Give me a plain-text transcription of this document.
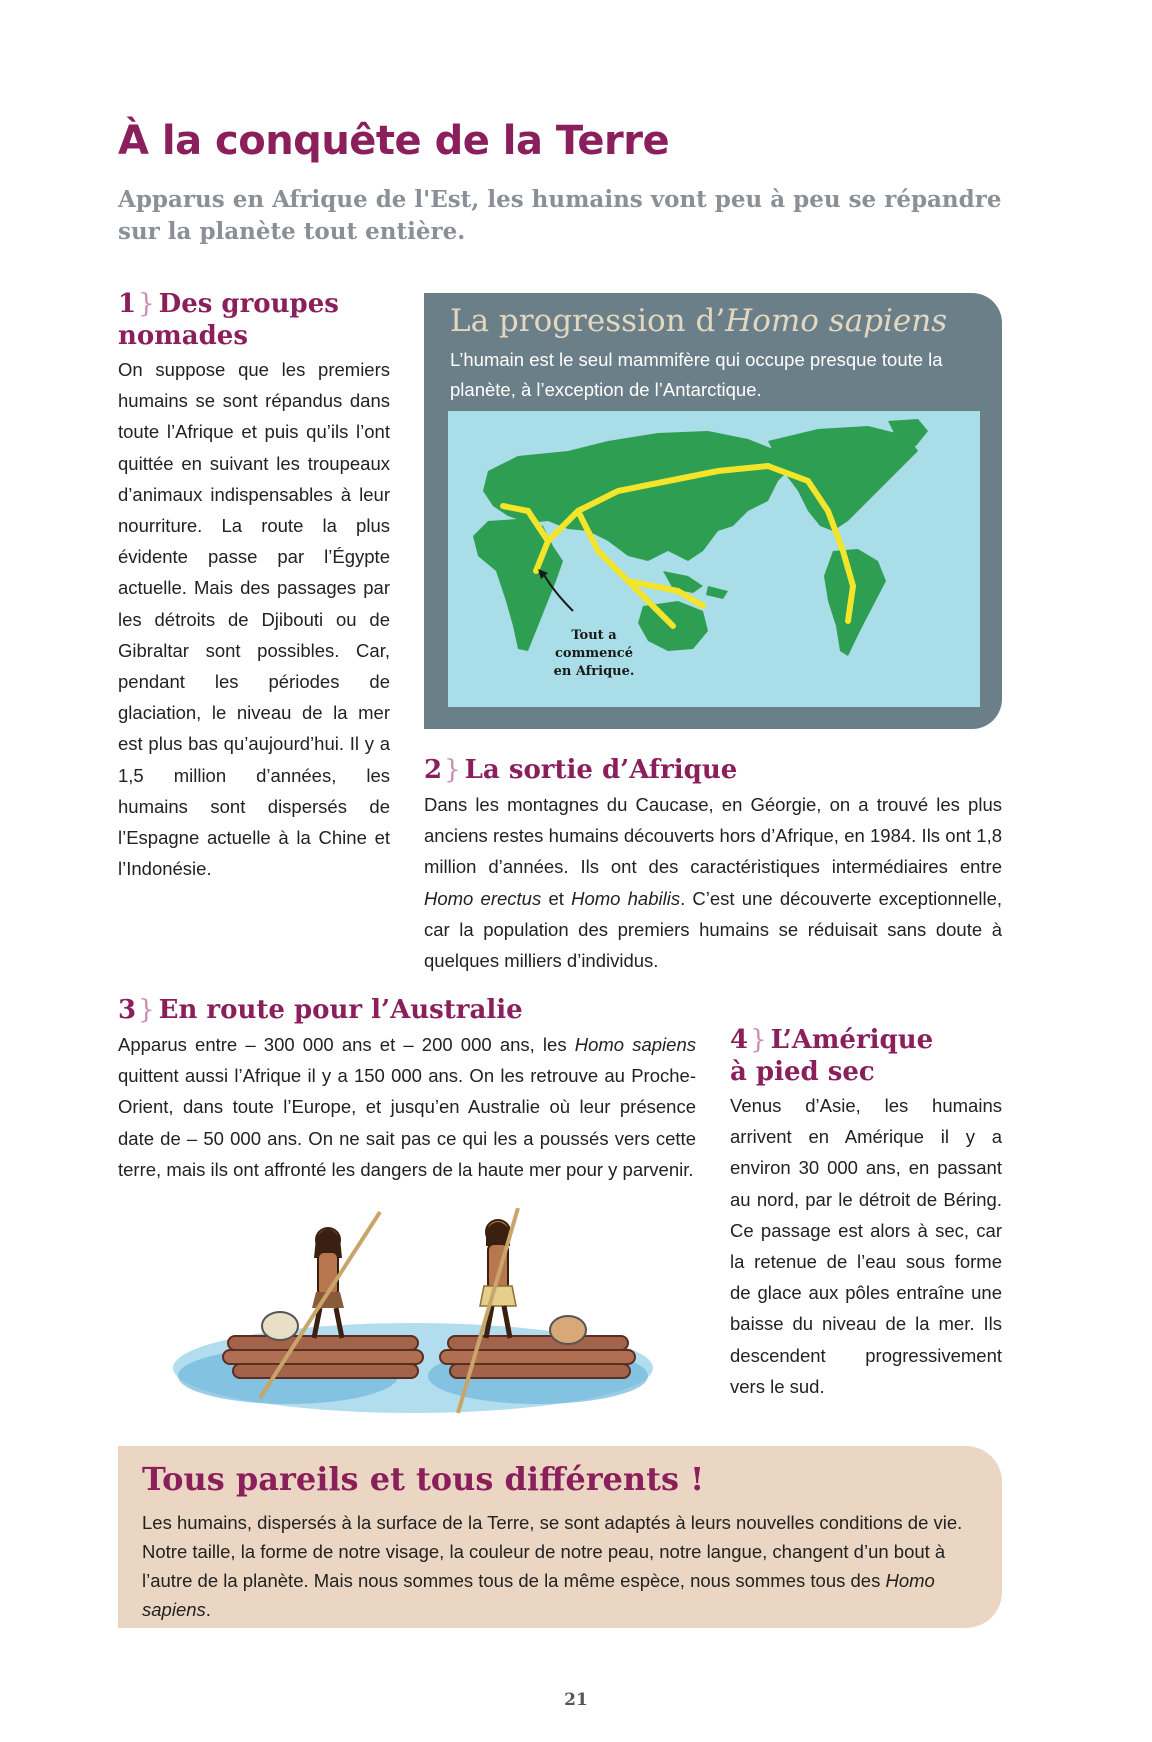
À la conquête de la Terre
Apparus en Afrique de l'Est, les humains vont peu à peu se répandre sur la planète tout entière.
1} Des groupes
nomades
On suppose que les premiers humains se sont répandus dans toute l’Afrique et puis qu’ils l’ont quittée en suivant les troupeaux d’animaux indispensables à leur nourriture. La route la plus évidente passe par l’Égypte actuelle. Mais des passages par les détroits de Djibouti ou de Gibraltar sont possibles. Car, pendant les périodes de glaciation, le niveau de la mer est plus bas qu’aujourd’hui. Il y a 1,5 million d’années, les humains sont dispersés de l’Espagne actuelle à la Chine et l’Indonésie.
La progression d’Homo sapiens
L’humain est le seul mammifère qui occupe presque toute la planète, à l’exception de l’Antarctique.
Tout a
commencé
en Afrique.
2} La sortie d’Afrique
Dans les montagnes du Caucase, en Géorgie, on a trouvé les plus anciens restes humains découverts hors d’Afrique, en 1984. Ils ont 1,8 million d’années. Ils ont des caractéristiques intermédiaires entre Homo erectus et Homo habilis. C’est une découverte exceptionnelle, car la population des premiers humains se réduisait sans doute à quelques milliers d’individus.
3} En route pour l’Australie
Apparus entre – 300 000 ans et – 200 000 ans, les Homo sapiens quittent aussi l’Afrique il y a 150 000 ans. On les retrouve au Proche-Orient, dans toute l’Europe, et jusqu’en Australie où leur présence date de – 50 000 ans. On ne sait pas ce qui les a poussés vers cette terre, mais ils ont affronté les dangers de la haute mer pour y parvenir.
4} L’Amérique
à pied sec
Venus d’Asie, les humains arrivent en Amérique il y a environ 30 000 ans, en passant au nord, par le détroit de Béring. Ce passage est alors à sec, car la retenue de l’eau sous forme de glace aux pôles entraîne une baisse du niveau de la mer. Ils descendent progressivement vers le sud.
Tous pareils et tous différents !
Les humains, dispersés à la surface de la Terre, se sont adaptés à leurs nouvelles conditions de vie. Notre taille, la forme de notre visage, la couleur de notre peau, notre langue, changent d’un bout à l’autre de la planète. Mais nous sommes tous de la même espèce, nous sommes tous des Homo sapiens.
21
